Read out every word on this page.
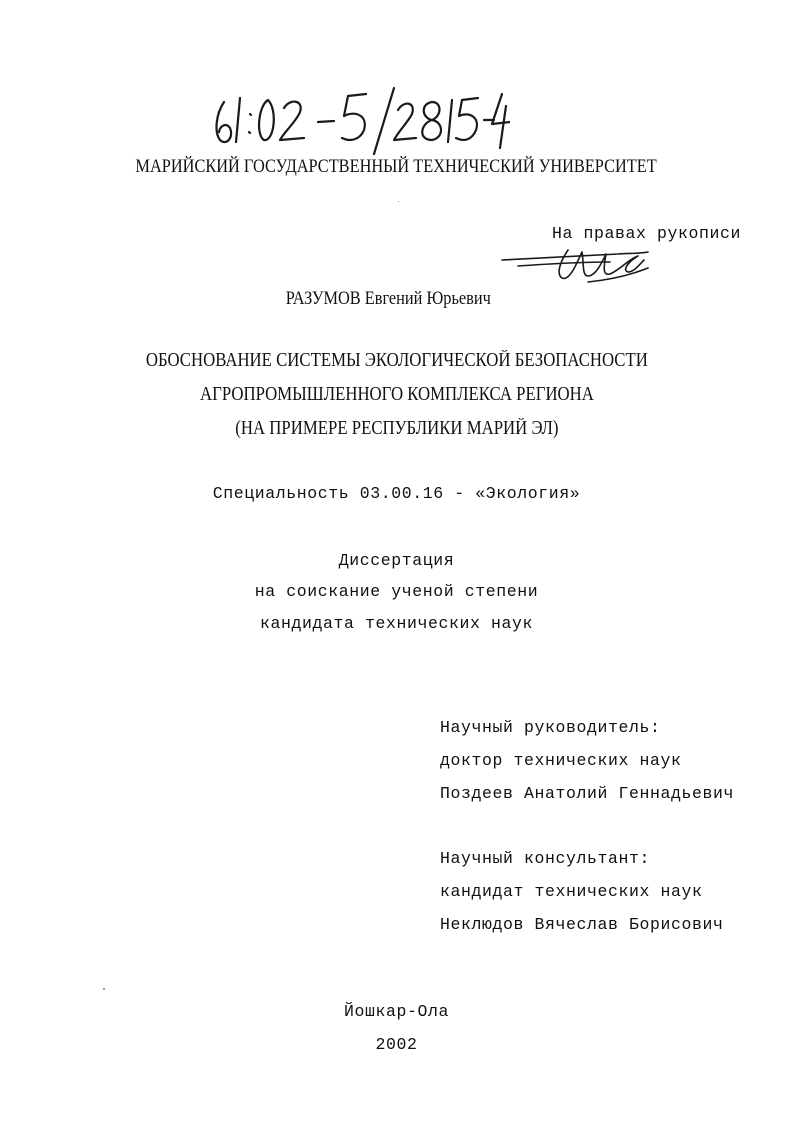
МАРИЙСКИЙ ГОСУДАРСТВЕННЫЙ ТЕХНИЧЕСКИЙ УНИВЕРСИТЕТ
На правах рукописи
РАЗУМОВ Евгений Юрьевич
ОБОСНОВАНИЕ СИСТЕМЫ ЭКОЛОГИЧЕСКОЙ БЕЗОПАСНОСТИ
АГРОПРОМЫШЛЕННОГО КОМПЛЕКСА РЕГИОНА
(НА ПРИМЕРЕ РЕСПУБЛИКИ МАРИЙ ЭЛ)
Специальность 03.00.16 - «Экология»
Диссертация
на соискание ученой степени
кандидата технических наук
Научный руководитель:
доктор технических наук
Поздеев Анатолий Геннадьевич
Научный консультант:
кандидат технических наук
Неклюдов Вячеслав Борисович
Йошкар-Ола
2002
